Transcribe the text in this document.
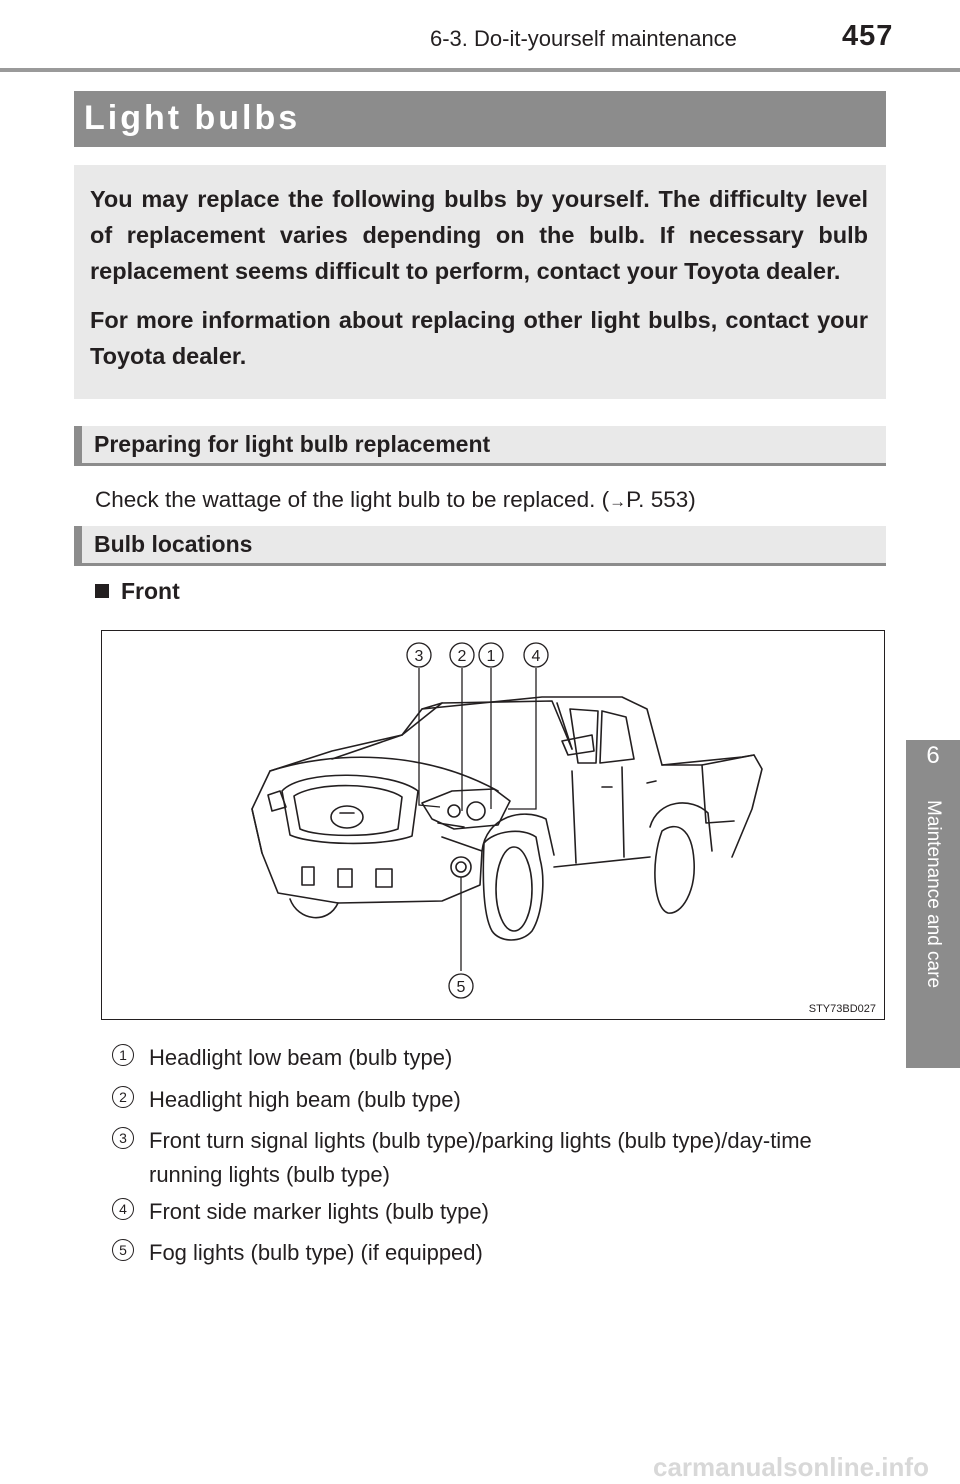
6-3. Do-it-yourself maintenance	457
Light bulbs

You may replace the following bulbs by yourself. The difficulty level of replacement varies depending on the bulb. If necessary bulb replacement seems difficult to perform, contact your Toyota dealer.

For more information about replacing other light bulbs, contact your Toyota dealer.

Preparing for light bulb replacement
Check the wattage of the light bulb to be replaced. (→P. 553)
Bulb locations
Front
3 2 1 4
5
STY73BD027
1	Headlight low beam (bulb type)
2	Headlight high beam (bulb type)
3	Front turn signal lights (bulb type)/parking lights (bulb type)/day-time running lights (bulb type)
4	Front side marker lights (bulb type)
5	Fog lights (bulb type) (if equipped)
6
Maintenance and care
carmanualsonline.info
